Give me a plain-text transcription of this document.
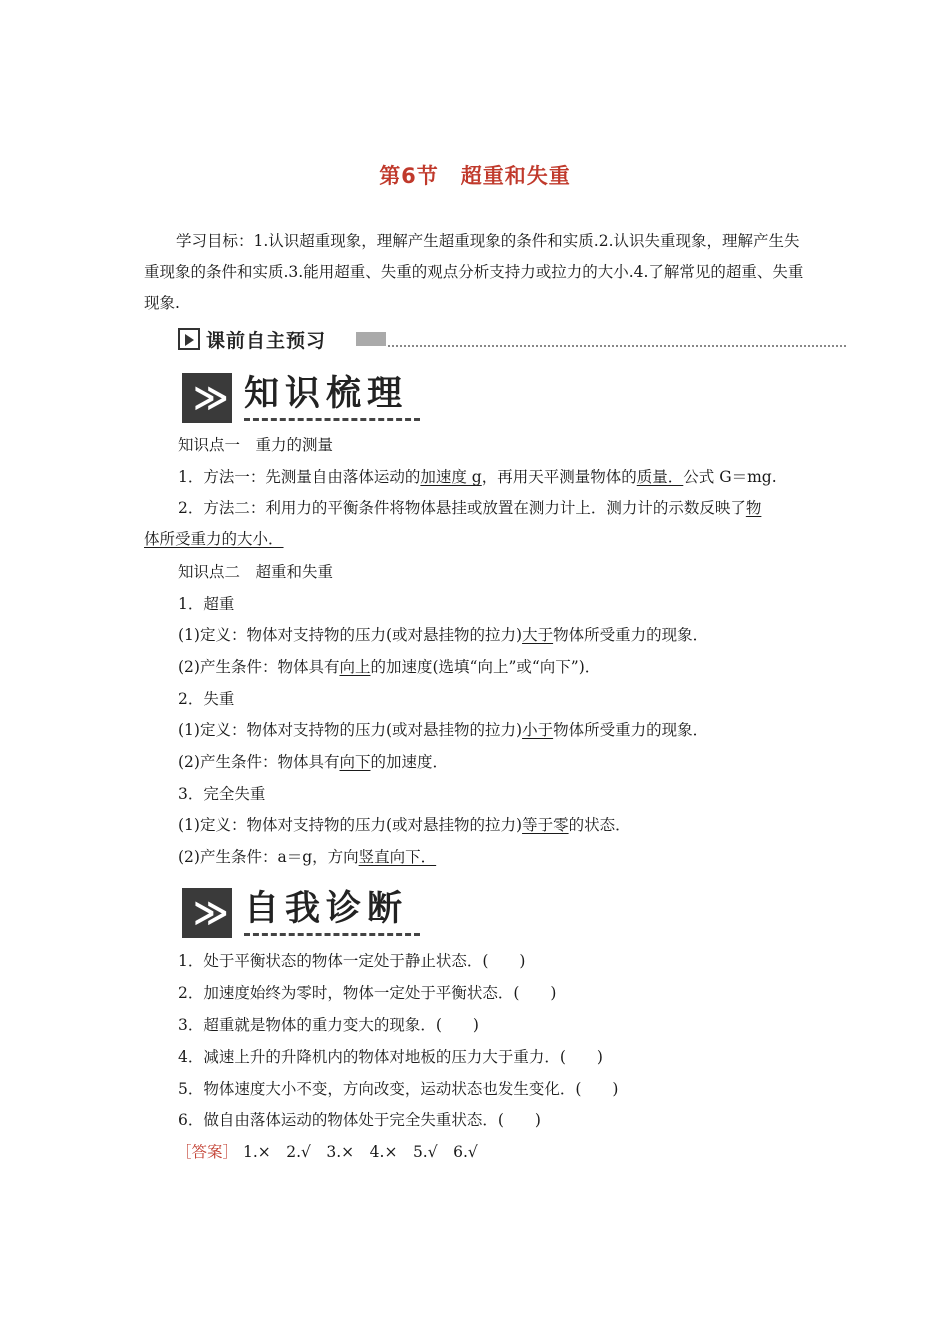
第6节　超重和失重
学习目标：1.认识超重现象，理解产生超重现象的条件和实质.2.认识失重现象，理解产生失重现象的条件和实质.3.能用超重、失重的观点分析支持力或拉力的大小.4.了解常见的超重、失重现象.
课前自主预习
≫ 知识梳理
知识点一　重力的测量
1．方法一：先测量自由落体运动的加速度 g，再用天平测量物体的质量．公式 G＝mg.
2．方法二：利用力的平衡条件将物体悬挂或放置在测力计上．测力计的示数反映了物
体所受重力的大小．
知识点二　超重和失重
1．超重
(1)定义：物体对支持物的压力(或对悬挂物的拉力)大于物体所受重力的现象．
(2)产生条件：物体具有向上的加速度(选填“向上”或“向下”)．
2．失重
(1)定义：物体对支持物的压力(或对悬挂物的拉力)小于物体所受重力的现象．
(2)产生条件：物体具有向下的加速度．
3．完全失重
(1)定义：物体对支持物的压力(或对悬挂物的拉力)等于零的状态．
(2)产生条件：a＝g，方向竖直向下．
≫ 自我诊断
1．处于平衡状态的物体一定处于静止状态．(　　)
2．加速度始终为零时，物体一定处于平衡状态．(　　)
3．超重就是物体的重力变大的现象．(　　)
4．减速上升的升降机内的物体对地板的压力大于重力．(　　)
5．物体速度大小不变，方向改变，运动状态也发生变化．(　　)
6．做自由落体运动的物体处于完全失重状态．(　　)
［答案］ 1.×　2.√　3.×　4.×　5.√　6.√
